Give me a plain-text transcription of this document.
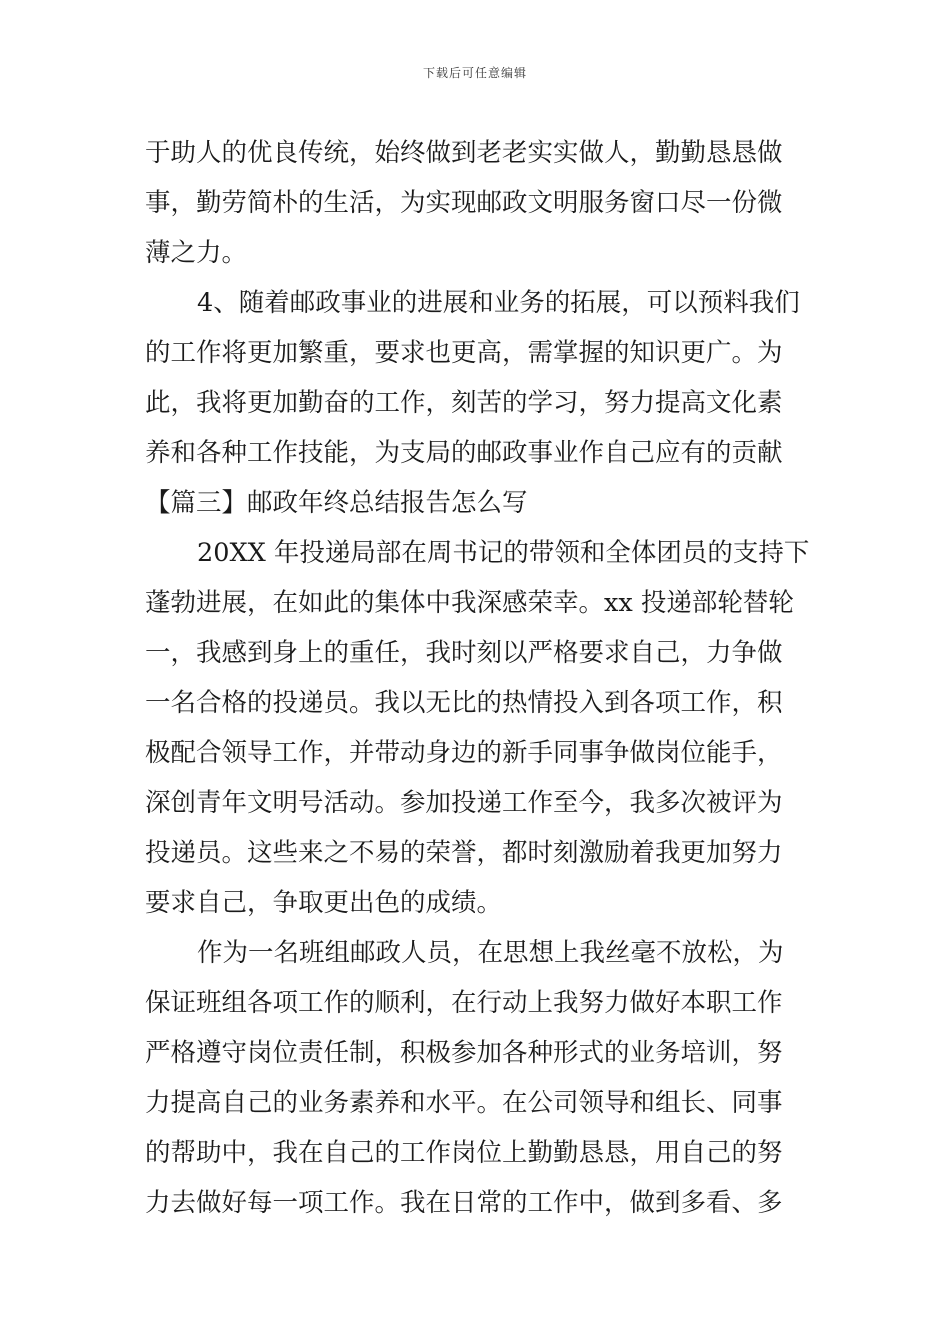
下载后可任意编辑
于助人的优良传统，始终做到老老实实做人，勤勤恳恳做
事，勤劳简朴的生活，为实现邮政文明服务窗口尽一份微
薄之力。
4、随着邮政事业的进展和业务的拓展，可以预料我们
的工作将更加繁重，要求也更高，需掌握的知识更广。为
此，我将更加勤奋的工作，刻苦的学习，努力提高文化素
养和各种工作技能，为支局的邮政事业作自己应有的贡献
【篇三】邮政年终总结报告怎么写
20XX 年投递局部在周书记的带领和全体团员的支持下
蓬勃进展，在如此的集体中我深感荣幸。xx 投递部轮替轮
一，我感到身上的重任，我时刻以严格要求自己，力争做
一名合格的投递员。我以无比的热情投入到各项工作，积
极配合领导工作，并带动身边的新手同事争做岗位能手，
深创青年文明号活动。参加投递工作至今，我多次被评为
投递员。这些来之不易的荣誉，都时刻激励着我更加努力
要求自己，争取更出色的成绩。
作为一名班组邮政人员，在思想上我丝毫不放松，为
保证班组各项工作的顺利，在行动上我努力做好本职工作
严格遵守岗位责任制，积极参加各种形式的业务培训，努
力提高自己的业务素养和水平。在公司领导和组长、同事
的帮助中，我在自己的工作岗位上勤勤恳恳，用自己的努
力去做好每一项工作。我在日常的工作中，做到多看、多
